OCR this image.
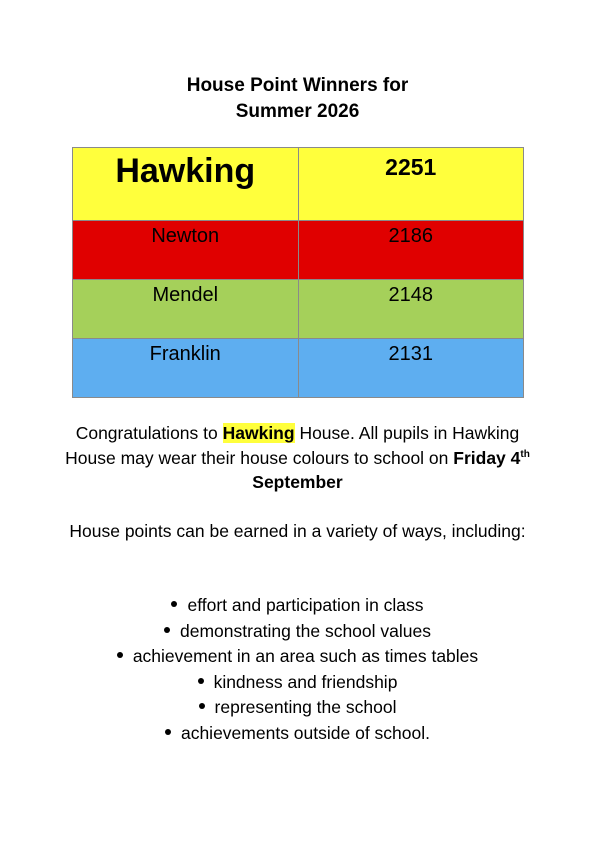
House Point Winners for
Summer 2026
Hawking	2251

Newton	2186

Mendel	2148

Franklin	2131
Congratulations to Hawking House. All pupils in Hawking House may wear their house colours to school on Friday 4th September
House points can be earned in a variety of ways, including:
effort and participation in class
demonstrating the school values
achievement in an area such as times tables
kindness and friendship
representing the school
achievements outside of school.
